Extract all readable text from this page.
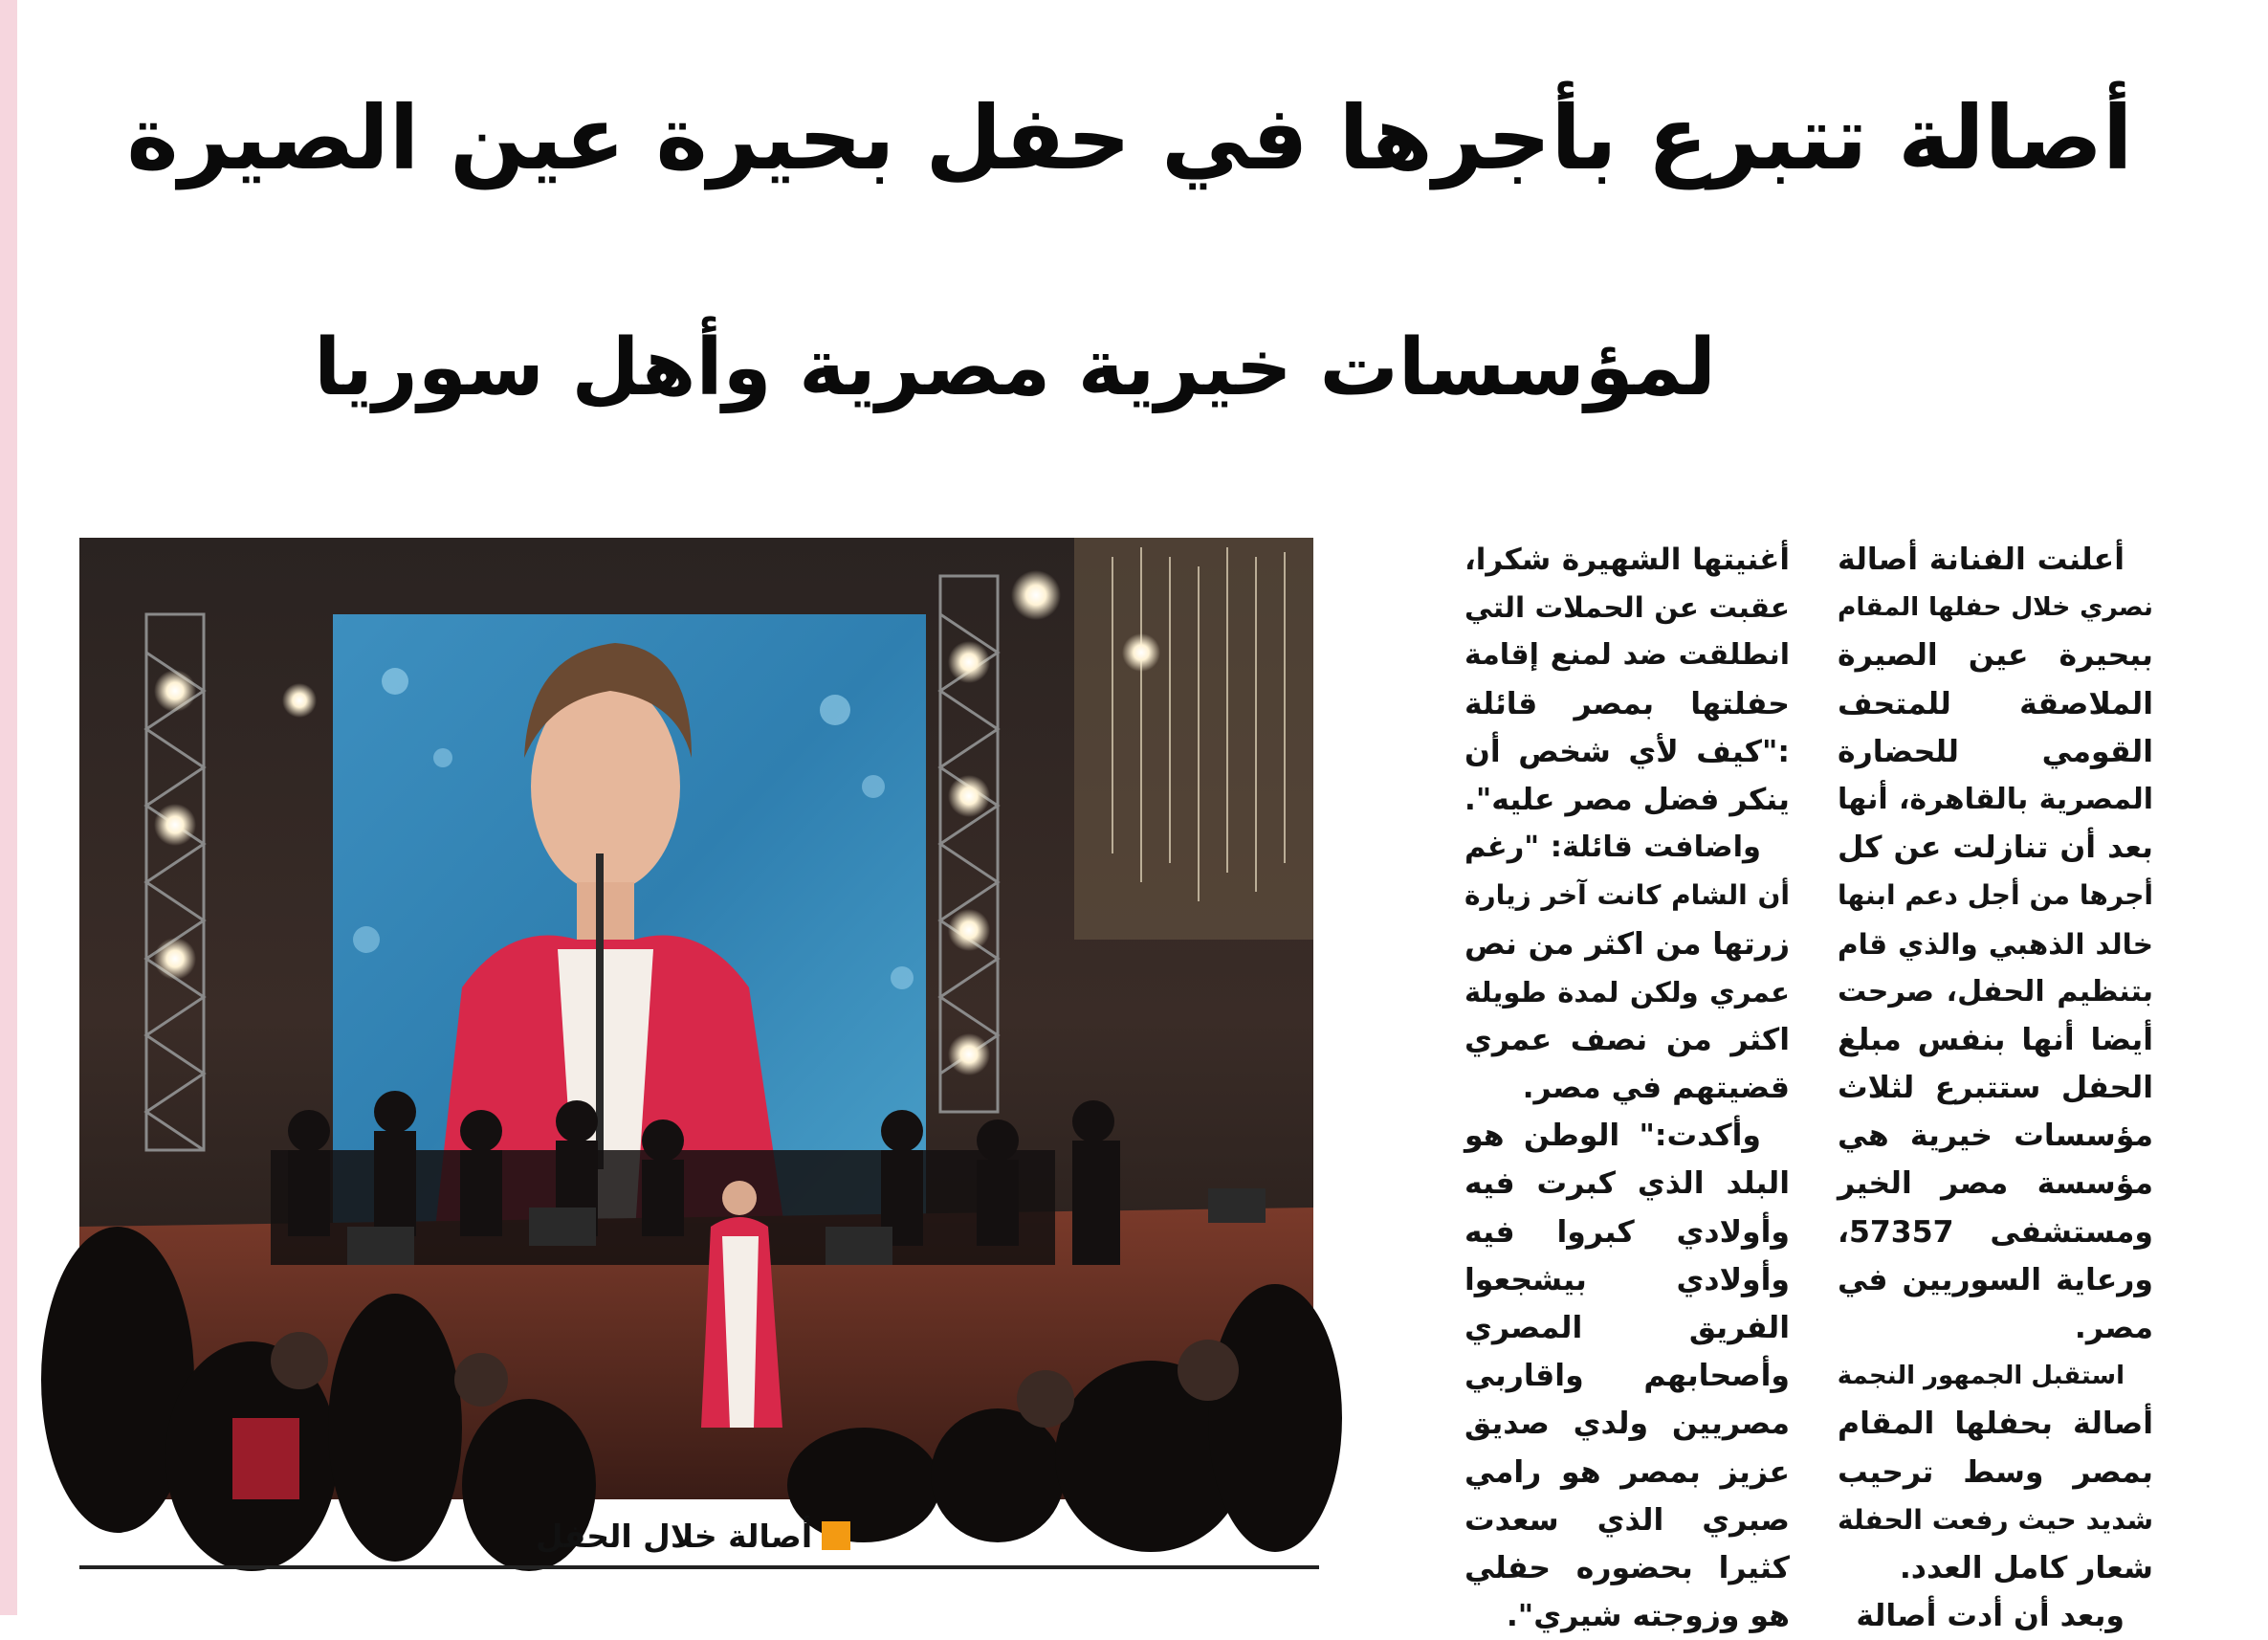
أصالة تتبرع بأجرها في حفل بحيرة عين الصيرة
لمؤسسات خيرية مصرية وأهل سوريا
أعلنت الفنانة أصالة
نصري خلال حفلها المقام
ببحيرة عين الصيرة
الملاصقة للمتحف
القومي للحضارة
المصرية بالقاهرة، أنها
بعد أن تنازلت عن كل
أجرها من أجل دعم ابنها
خالد الذهبي والذي قام
بتنظيم الحفل، صرحت
أيضا أنها بنفس مبلغ
الحفل ستتبرع لثلاث
مؤسسات خيرية هي
مؤسسة مصر الخير
ومستشفى 57357،
ورعاية السوريين في
مصر.
استقبل الجمهور النجمة
أصالة بحفلها المقام
بمصر وسط ترحيب
شديد حيث رفعت الحفلة
شعار كامل العدد.
وبعد أن أدت أصالة
أغنيتها الشهيرة شكرا،
عقبت عن الحملات التي
انطلقت ضد لمنع إقامة
حفلتها بمصر قائلة
:"كيف لأي شخص أن
ينكر فضل مصر عليه".
واضافت قائلة: "رغم
أن الشام كانت آخر زيارة
زرتها من اكثر من نص
عمري ولكن لمدة طويلة
اكثر من نصف عمري
قضيتهم في مصر.
وأكدت:" الوطن هو
البلد الذي كبرت فيه
وأولادي كبروا فيه
وأولادي بيشجعوا
الفريق المصري
وأصحابهم واقاربي
مصريين ولدي صديق
عزيز بمصر هو رامي
صبري الذي سعدت
كثيرا بحضوره حفلي
هو وزوجته شيري".
أصالة خلال الحفل
